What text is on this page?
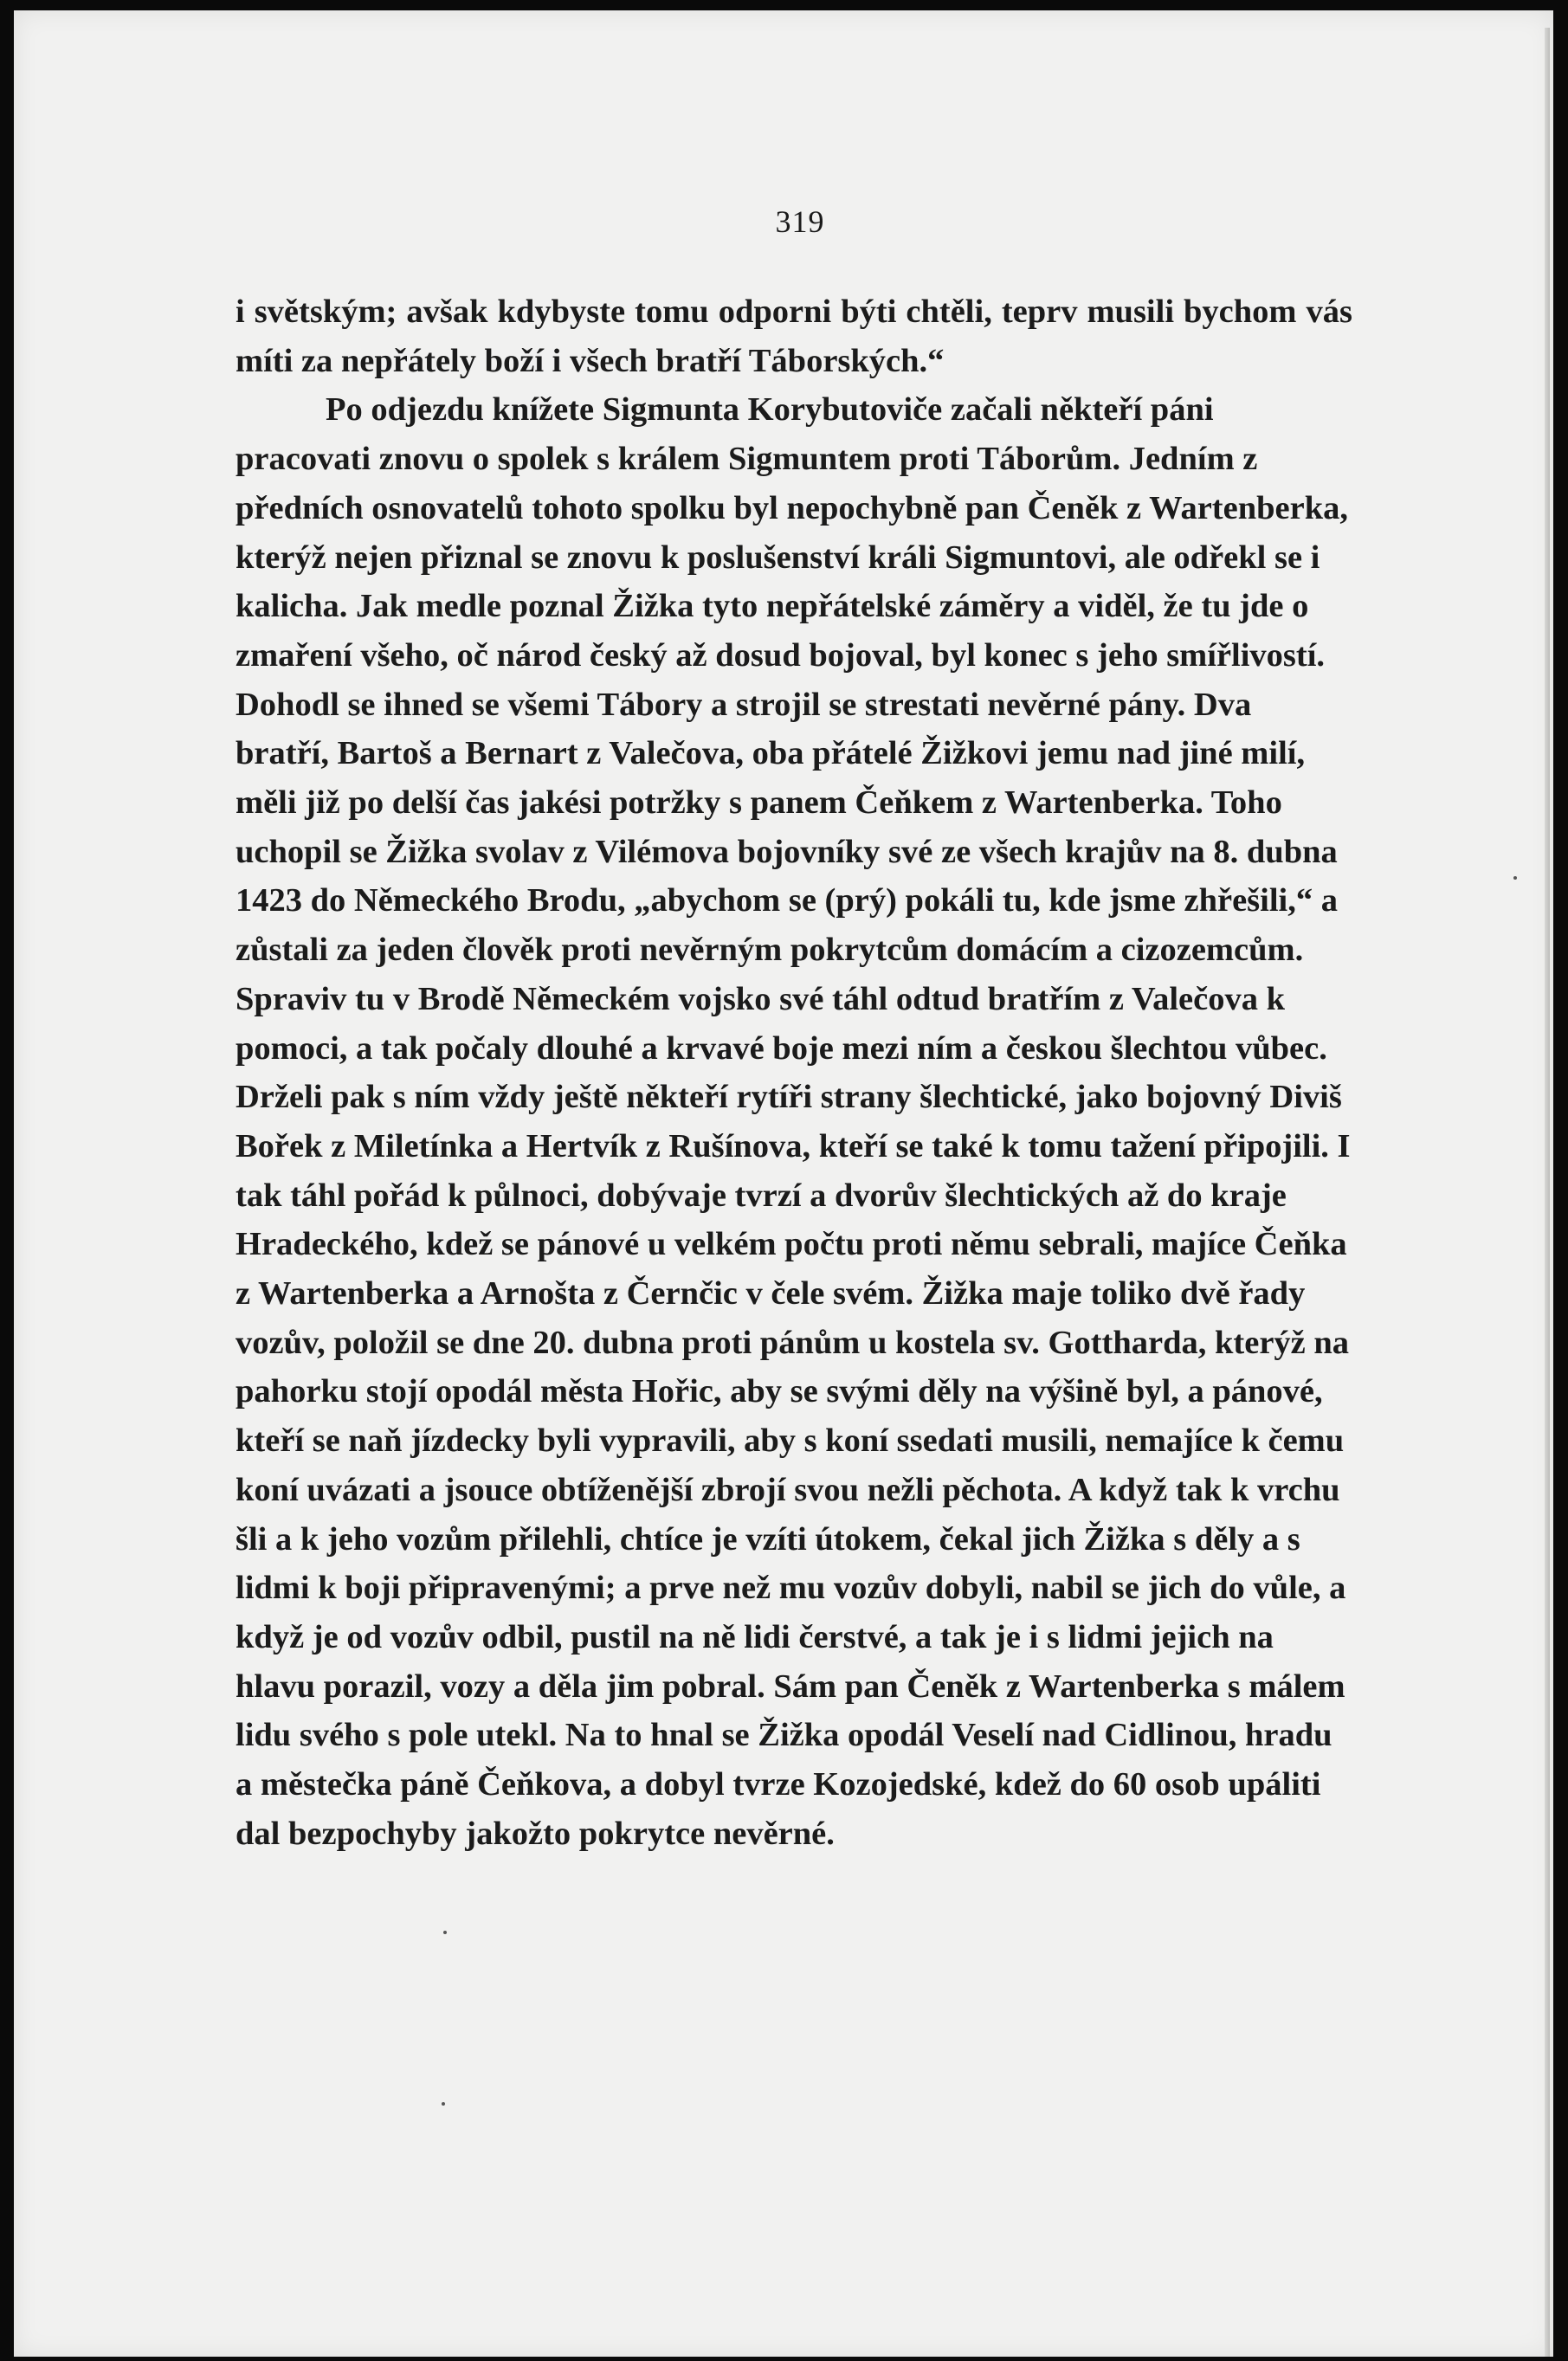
319

i světským; avšak kdybyste tomu odporni býti chtěli, teprv musili bychom vás míti za nepřátely boží i všech bratří Táborských.“

Po odjezdu knížete Sigmunta Korybutoviče začali někteří páni pracovati znovu o spolek s králem Sigmuntem proti Táborům. Jedním z předních osnovatelů tohoto spolku byl nepochybně pan Čeněk z Wartenberka, kterýž nejen přiznal se znovu k poslušenství králi Sigmuntovi, ale odřekl se i kalicha. Jak medle poznal Žižka tyto nepřátelské záměry a viděl, že tu jde o zmaření všeho, oč národ český až dosud bojoval, byl konec s jeho smířlivostí. Dohodl se ihned se všemi Tábory a strojil se strestati nevěrné pány. Dva bratří, Bartoš a Bernart z Valečova, oba přátelé Žižkovi jemu nad jiné milí, měli již po delší čas jakési potržky s panem Čeňkem z Wartenberka. Toho uchopil se Žižka svolav z Vilémova bojovníky své ze všech krajův na 8. dubna 1423 do Německého Brodu, „abychom se (prý) pokáli tu, kde jsme zhřešili,“ a zůstali za jeden člověk proti nevěrným pokrytcům domácím a cizozemcům. Spraviv tu v Brodě Německém vojsko své táhl odtud bratřím z Valečova k pomoci, a tak počaly dlouhé a krvavé boje mezi ním a českou šlechtou vůbec. Drželi pak s ním vždy ještě někteří rytíři strany šlechtické, jako bojovný Diviš Bořek z Miletínka a Hertvík z Rušínova, kteří se také k tomu tažení připojili. I tak táhl pořád k půlnoci, dobývaje tvrzí a dvorův šlechtických až do kraje Hradeckého, kdež se pánové u velkém počtu proti němu sebrali, majíce Čeňka z Wartenberka a Arnošta z Černčic v čele svém. Žižka maje toliko dvě řady vozův, položil se dne 20. dubna proti pánům u kostela sv. Gottharda, kterýž na pahorku stojí opodál města Hořic, aby se svými děly na výšině byl, a pánové, kteří se naň jízdecky byli vypravili, aby s koní ssedati musili, nemajíce k čemu koní uvázati a jsouce obtíženější zbrojí svou nežli pěchota. A když tak k vrchu šli a k jeho vozům přilehli, chtíce je vzíti útokem, čekal jich Žižka s děly a s lidmi k boji připravenými; a prve než mu vozův dobyli, nabil se jich do vůle, a když je od vozův odbil, pustil na ně lidi čerstvé, a tak je i s lidmi jejich na hlavu porazil, vozy a děla jim pobral. Sám pan Čeněk z Wartenberka s málem lidu svého s pole utekl. Na to hnal se Žižka opodál Veselí nad Cidlinou, hradu a městečka páně Čeňkova, a dobyl tvrze Kozojedské, kdež do 60 osob upáliti dal bezpochyby jakožto pokrytce nevěrné.
